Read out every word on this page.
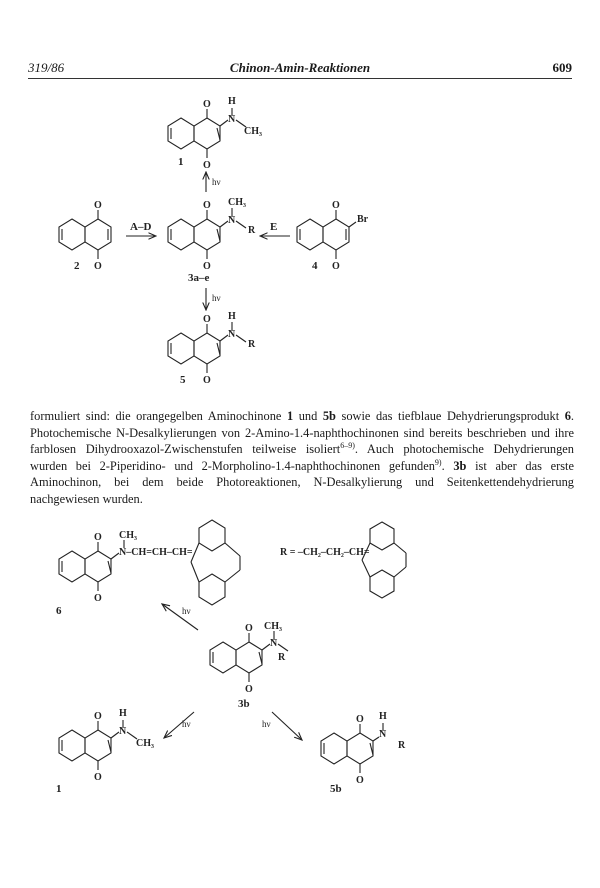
319/86	Chinon-Amin-Reaktionen	609
O
O
H
N
CH₃
1
hν
O
O
2
A–D
O
O
CH₃
N
R
3a–e
E
O
O
Br
4
hν
O
O
H
N
R
5
O
O
CH₃
N–CH=CH–CH=
6
R = –CH₂–CH₂–CH=
hν
O
O
CH₃
N
R
3b
hν	hν
O
O
H
N
CH₃
1
O
O
H
N
R
5b

formuliert sind: die orangegelben Aminochinone 1 und 5b sowie das tiefblaue Dehydrierungsprodukt 6. Photochemische N-Desalkylierungen von 2-Amino-1.4-naphthochinonen sind bereits beschrieben und ihre farblosen Dihydrooxazol-Zwischenstufen teilweise isoliert$^{6-9)}$. Auch photochemische Dehydrierungen wurden bei 2-Piperidino- und 2-Morpholino-1.4-naphthochinonen gefunden$^{9)}$. 3b ist aber das erste Aminochinon, bei dem beide Photoreaktionen, N-Desalkylierung und Seitenkettendehydrierung nachgewiesen wurden.
